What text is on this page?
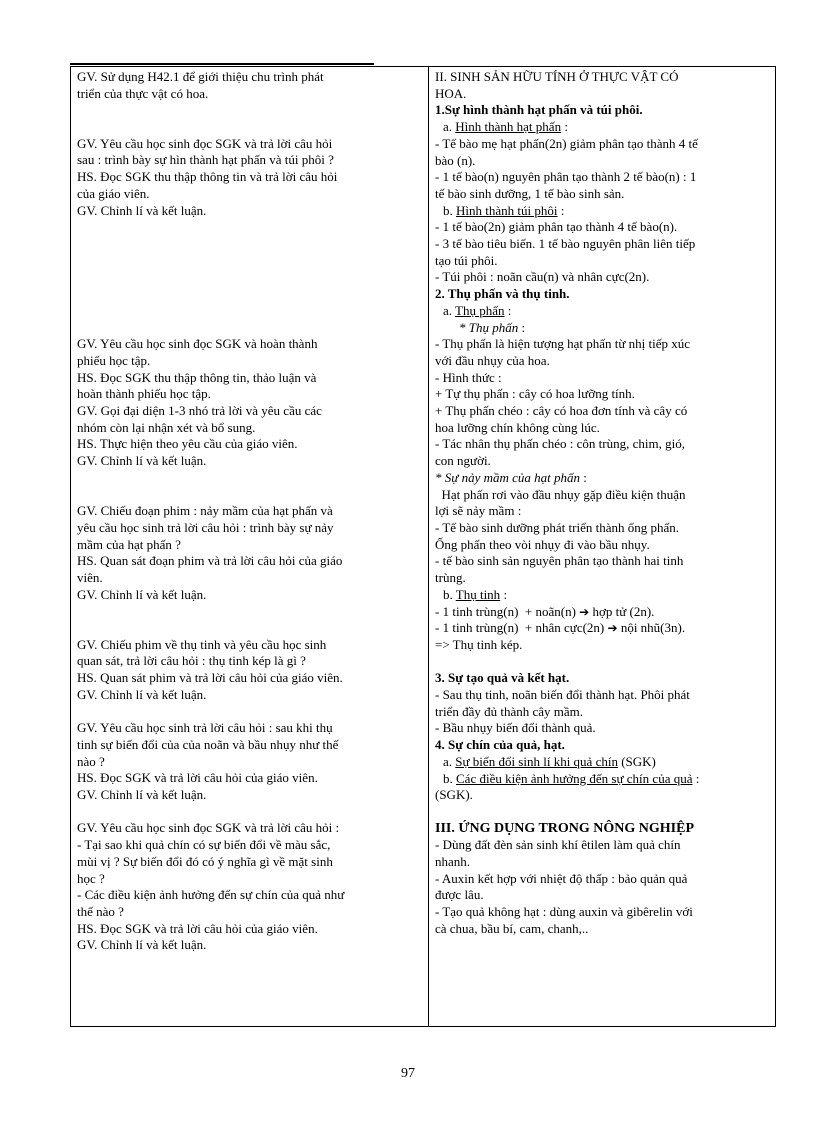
GV. Sử dụng H42.1 để giới thiệu chu trình phát
triển của thực vật có hoa.
GV. Yêu cầu học sinh đọc SGK và trả lời câu hỏi
sau : trình bày sự hìn thành hạt phấn và túi phôi ?
HS. Đọc SGK thu thập thông tin và trả lời câu hỏi
của giáo viên.
GV. Chỉnh lí và kết luận.
GV. Yêu cầu học sinh đọc SGK và hoàn thành
phiếu học tập.
HS. Đọc SGK thu thập thông tin, thảo luận và
hoàn thành phiếu học tập.
GV. Gọi đại diện 1-3 nhó trả lời và yêu cầu các
nhóm còn lại nhận xét và bổ sung.
HS. Thực hiện theo yêu cầu của giáo viên.
GV. Chỉnh lí và kết luận.
GV. Chiếu đoạn phim : nảy mầm của hạt phấn và
yêu cầu học sinh trả lời câu hỏi : trình bày sự nảy
mầm của hạt phấn ?
HS. Quan sát đoạn phim và trả lời câu hỏi của giáo
viên.
GV. Chỉnh lí và kết luận.
GV. Chiếu phim về thụ tinh và yêu cầu học sinh
quan sát, trả lời câu hỏi : thụ tinh kép là gì ?
HS. Quan sát phim và trả lời câu hỏi của giáo viên.
GV. Chỉnh lí và kết luận.
GV. Yêu cầu học sinh trả lời câu hỏi : sau khi thụ
tinh sự biến đổi của của noãn và bầu nhụy như thế
nào ?
HS. Đọc SGK và trả lời câu hỏi của giáo viên.
GV. Chỉnh lí và kết luận.
GV. Yêu cầu học sinh đọc SGK và trả lời câu hỏi :
- Tại sao khi quả chín có sự biến đổi về màu sắc,
mùi vị ? Sự biến đổi đó có ý nghĩa gì về mặt sinh
học ?
- Các điều kiện ảnh hưởng đến sự chín của quả như
thế nào ?
HS. Đọc SGK và trả lời câu hỏi của giáo viên.
GV. Chỉnh lí và kết luận.

II. SINH SẢN HỮU TÍNH Ở THỰC VẬT CÓ
HOA.
1.Sự hình thành hạt phấn và túi phôi.
a. Hình thành hạt phấn :
- Tế bào mẹ hạt phấn(2n) giảm phân tạo thành 4 tế
bào (n).
- 1 tế bào(n) nguyên phân tạo thành 2 tế bào(n) : 1
tế bào sinh dưỡng, 1 tế bào sinh sản.
b. Hình thành túi phôi :
- 1 tế bào(2n) giảm phân tạo thành 4 tế bào(n).
- 3 tế bào tiêu biến. 1 tế bào nguyên phân liên tiếp
tạo túi phôi.
- Túi phôi : noãn cầu(n) và nhân cực(2n).
2. Thụ phấn và thụ tinh.
a. Thụ phấn :
* Thụ phấn :
- Thụ phấn là hiện tượng hạt phấn từ nhị tiếp xúc
với đầu nhụy của hoa.
- Hình thức :
+ Tự thụ phấn : cây có hoa lưỡng tính.
+ Thụ phấn chéo : cây có hoa đơn tính và cây có
hoa lưỡng chín không cùng lúc.
- Tác nhân thụ phấn chéo : côn trùng, chim, gió,
con người.
* Sự nảy mầm của hạt phấn :
Hạt phấn rơi vào đầu nhụy gặp điều kiện thuận
lợi sẽ nảy mầm :
- Tế bào sinh dưỡng phát triển thành ống phấn.
Ống phấn theo vòi nhụy đi vào bầu nhụy.
- tế bào sinh sản nguyên phân tạo thành hai tinh
trùng.
b. Thụ tinh :
- 1 tinh trùng(n)  + noãn(n) ➔ hợp tử (2n).
- 1 tinh trùng(n)  + nhân cực(2n) ➔ nội nhũ(3n).
=> Thụ tinh kép.
3. Sự tạo quả và kết hạt.
- Sau thụ tinh, noãn biến đổi thành hạt. Phôi phát
triển đầy đủ thành cây mầm.
- Bầu nhụy biến đổi thành quả.
4. Sự chín của quả, hạt.
a. Sự biến đổi sinh lí khi quả chín (SGK)
b. Các điều kiện ảnh hưởng đến sự chín của quả :
(SGK).
III. ỨNG DỤNG TRONG NÔNG NGHIỆP
- Dùng đất đèn sản sinh khí êtilen làm quả chín
nhanh.
- Auxin kết hợp với nhiệt độ thấp : bảo quản quả
được lâu.
- Tạo quả không hạt : dùng auxin và gibêrelin với
cà chua, bầu bí, cam, chanh,..
97
